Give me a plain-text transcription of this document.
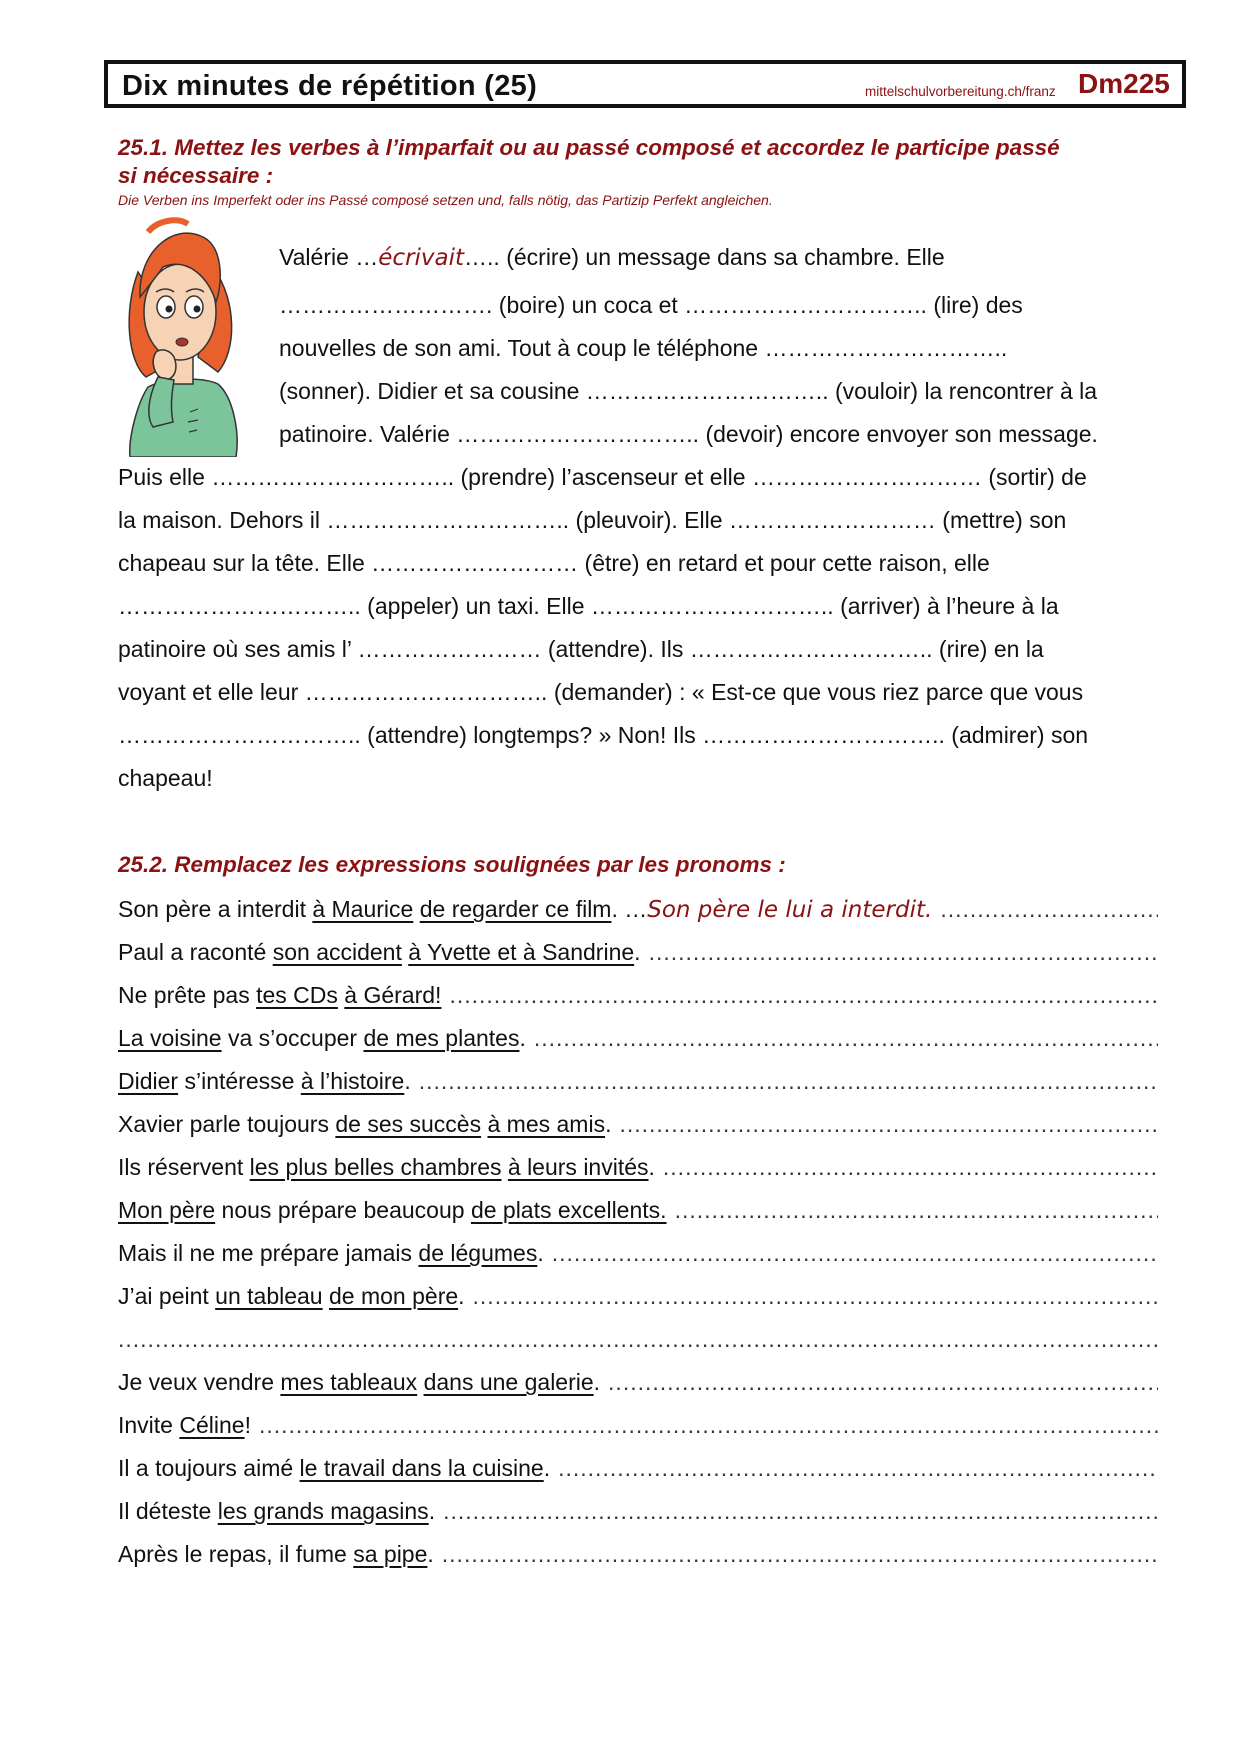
Dix minutes de répétition (25)	mittelschulvorbereitung.ch/franz Dm225
25.1. Mettez les verbes à l’imparfait ou au passé composé et accordez le participe passé
si nécessaire :
Die Verben ins Imperfekt oder ins Passé composé setzen und, falls nötig, das Partizip Perfekt angleichen.
Valérie …écrivait….. (écrire) un message dans sa chambre. Elle
………………………. (boire) un coca et ………………………….. (lire) des
nouvelles de son ami. Tout à coup le téléphone …………………………..
(sonner). Didier et sa cousine ………………………….. (vouloir) la rencontrer à la
patinoire. Valérie ………………………….. (devoir) encore envoyer son message.
Puis elle ………………………….. (prendre) l’ascenseur et elle ………………………… (sortir) de
la maison. Dehors il ………………………….. (pleuvoir). Elle ……………………… (mettre) son
chapeau sur la tête. Elle ……………………… (être) en retard et pour cette raison, elle
………………………….. (appeler) un taxi. Elle ………………………….. (arriver) à l’heure à la
patinoire où ses amis l’ …………………… (attendre). Ils ………………………….. (rire) en la
voyant et elle leur ………………………….. (demander) : « Est-ce que vous riez parce que vous
………………………….. (attendre) longtemps? » Non! Ils ………………………….. (admirer) son
chapeau!
25.2. Remplacez les expressions soulignées par les pronoms :
Son père a interdit à Maurice de regarder ce film. …Son père le lui a interdit.
.....
Paul a raconté son accident à Yvette et à Sandrine.
.....
Ne prête pas tes CDs à Gérard!
.....
La voisine va s’occuper de mes plantes.
.....
Didier s’intéresse à l’histoire.
.....
Xavier parle toujours de ses succès à mes amis.
.....
Ils réservent les plus belles chambres à leurs invités.
.....
Mon père nous prépare beaucoup de plats excellents.
.....
Mais il ne me prépare jamais de légumes.
.....
J’ai peint un tableau de mon père.
.....
.....
Je veux vendre mes tableaux dans une galerie.
.....
Invite Céline!
.....
Il a toujours aimé le travail dans la cuisine.
.....
Il déteste les grands magasins.
.....
Après le repas, il fume sa pipe.
.....
